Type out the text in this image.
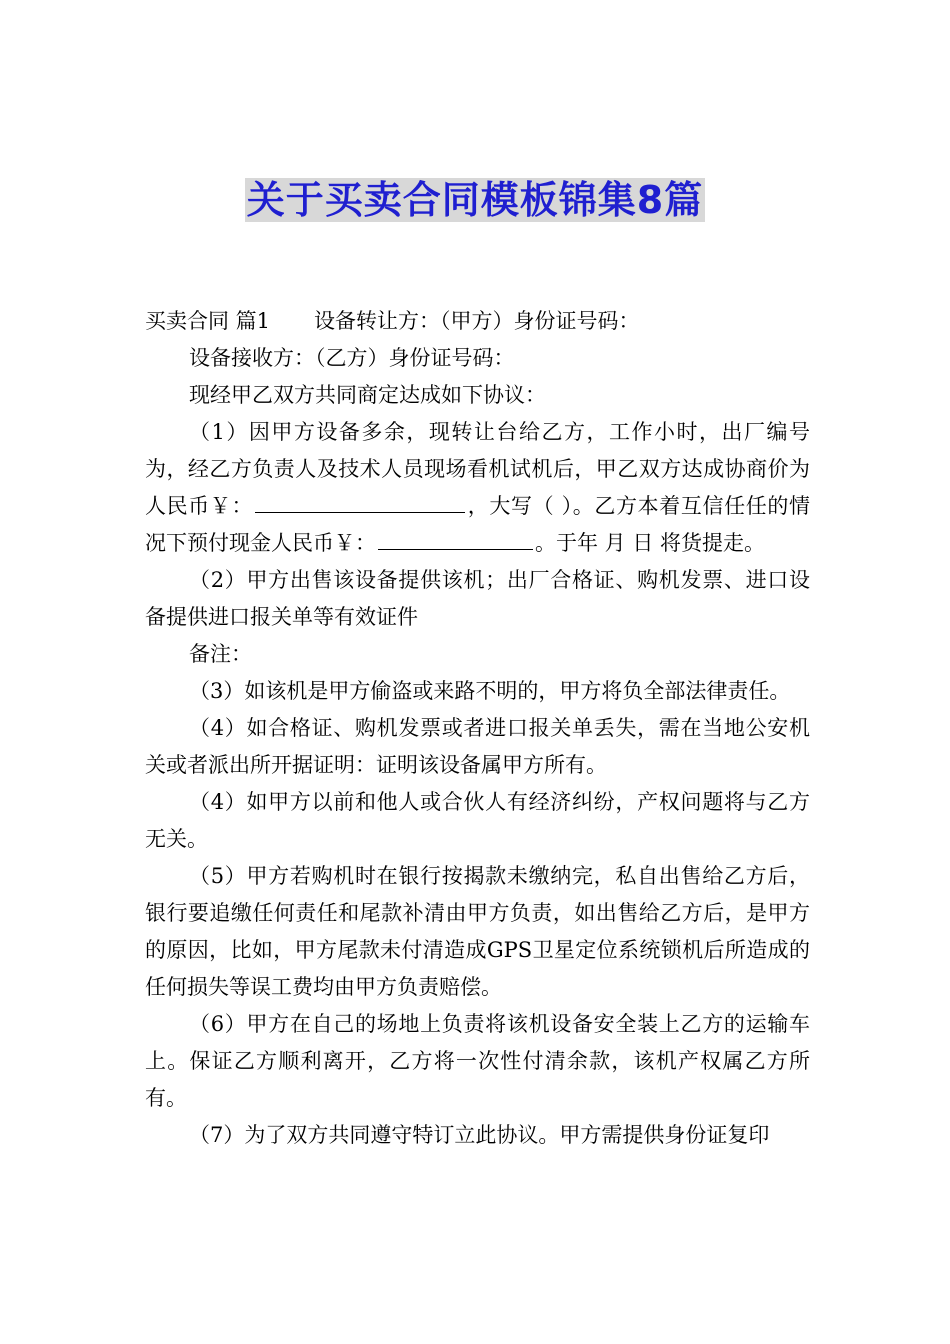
关于买卖合同模板锦集8篇

买卖合同 篇1 设备转让方：（甲方）身份证号码：

设备接收方：（乙方）身份证号码：

现经甲乙双方共同商定达成如下协议：

（1）因甲方设备多余，现转让台给乙方，工作小时，出厂编号为，经乙方负责人及技术人员现场看机试机后，甲乙双方达成协商价为人民币￥：	，大写（ ）。乙方本着互信任任的情况下预付现金人民币￥：	。于年 月 日 将货提走。

（2）甲方出售该设备提供该机；出厂合格证、购机发票、进口设备提供进口报关单等有效证件

备注：

（3）如该机是甲方偷盗或来路不明的，甲方将负全部法律责任。

（4）如合格证、购机发票或者进口报关单丢失，需在当地公安机关或者派出所开据证明：证明该设备属甲方所有。

（4）如甲方以前和他人或合伙人有经济纠纷，产权问题将与乙方无关。

（5）甲方若购机时在银行按揭款未缴纳完，私自出售给乙方后，银行要追缴任何责任和尾款补清由甲方负责，如出售给乙方后，是甲方的原因，比如，甲方尾款未付清造成GPS卫星定位系统锁机后所造成的任何损失等误工费均由甲方负责赔偿。

（6）甲方在自己的场地上负责将该机设备安全装上乙方的运输车上。保证乙方顺利离开，乙方将一次性付清余款，该机产权属乙方所有。

（7）为了双方共同遵守特订立此协议。甲方需提供身份证复印
